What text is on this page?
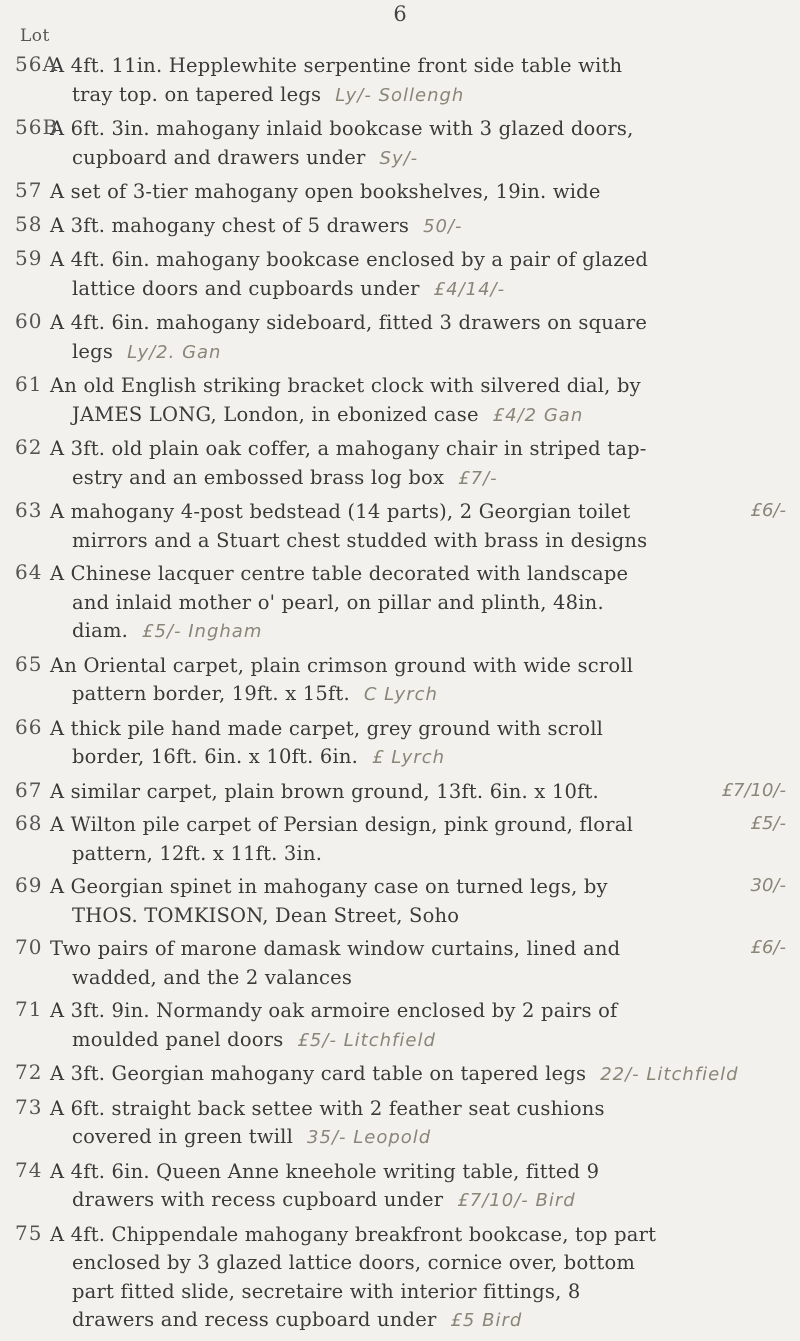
6
Lot
56A
A 4ft. 11in. Hepplewhite serpentine front side table with
tray top. on tapered legs Ly/- Sollengh
56B
A 6ft. 3in. mahogany inlaid bookcase with 3 glazed doors,
cupboard and drawers under Sy/-
57 A set of 3-tier mahogany open bookshelves, 19in. wide
58 A 3ft. mahogany chest of 5 drawers 50/-
59 A 4ft. 6in. mahogany bookcase enclosed by a pair of glazed
lattice doors and cupboards under £4/14/-
60 A 4ft. 6in. mahogany sideboard, fitted 3 drawers on square
legs Ly/2. Gan
61 An old English striking bracket clock with silvered dial, by
JAMES LONG, London, in ebonized case £4/2 Gan
62 A 3ft. old plain oak coffer, a mahogany chair in striped tap-
estry and an embossed brass log box £7/-
63 A mahogany 4-post bedstead (14 parts), 2 Georgian toilet
mirrors and a Stuart chest studded with brass in designs
£6/-
64 A Chinese lacquer centre table decorated with landscape
and inlaid mother o' pearl, on pillar and plinth, 48in.
diam. £5/- Ingham
65 An Oriental carpet, plain crimson ground with wide scroll
pattern border, 19ft. x 15ft. C Lyrch
66 A thick pile hand made carpet, grey ground with scroll
border, 16ft. 6in. x 10ft. 6in. £ Lyrch
67 A similar carpet, plain brown ground, 13ft. 6in. x 10ft.	£7/10/-
68 A Wilton pile carpet of Persian design, pink ground, floral
pattern, 12ft. x 11ft. 3in.
£5/-
69 A Georgian spinet in mahogany case on turned legs, by
THOS. TOMKISON, Dean Street, Soho
30/-
70 Two pairs of marone damask window curtains, lined and
wadded, and the 2 valances
£6/-
71 A 3ft. 9in. Normandy oak armoire enclosed by 2 pairs of
moulded panel doors £5/- Litchfield
72 A 3ft. Georgian mahogany card table on tapered legs 22/- Litchfield
73 A 6ft. straight back settee with 2 feather seat cushions
covered in green twill 35/- Leopold
74 A 4ft. 6in. Queen Anne kneehole writing table, fitted 9
drawers with recess cupboard under £7/10/- Bird
75 A 4ft. Chippendale mahogany breakfront bookcase, top part
enclosed by 3 glazed lattice doors, cornice over, bottom
part fitted slide, secretaire with interior fittings, 8
drawers and recess cupboard under £5 Bird
